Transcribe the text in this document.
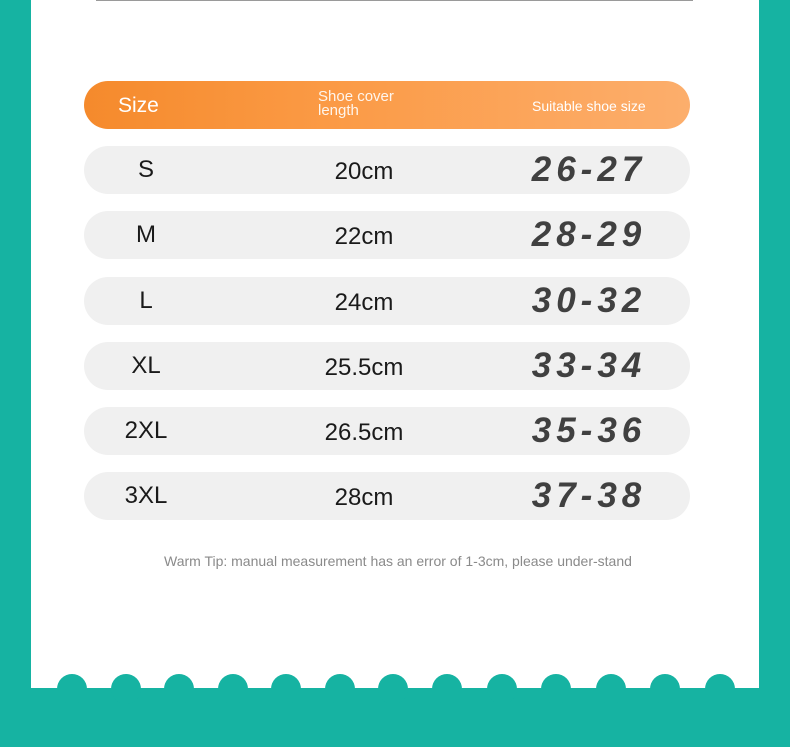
Size	Shoe cover length	Suitable shoe size
S	20cm	26-27
M	22cm	28-29
L	24cm	30-32
XL	25.5cm	33-34
2XL	26.5cm	35-36
3XL	28cm	37-38
Warm Tip: manual measurement has an error of 1-3cm, please under-stand
